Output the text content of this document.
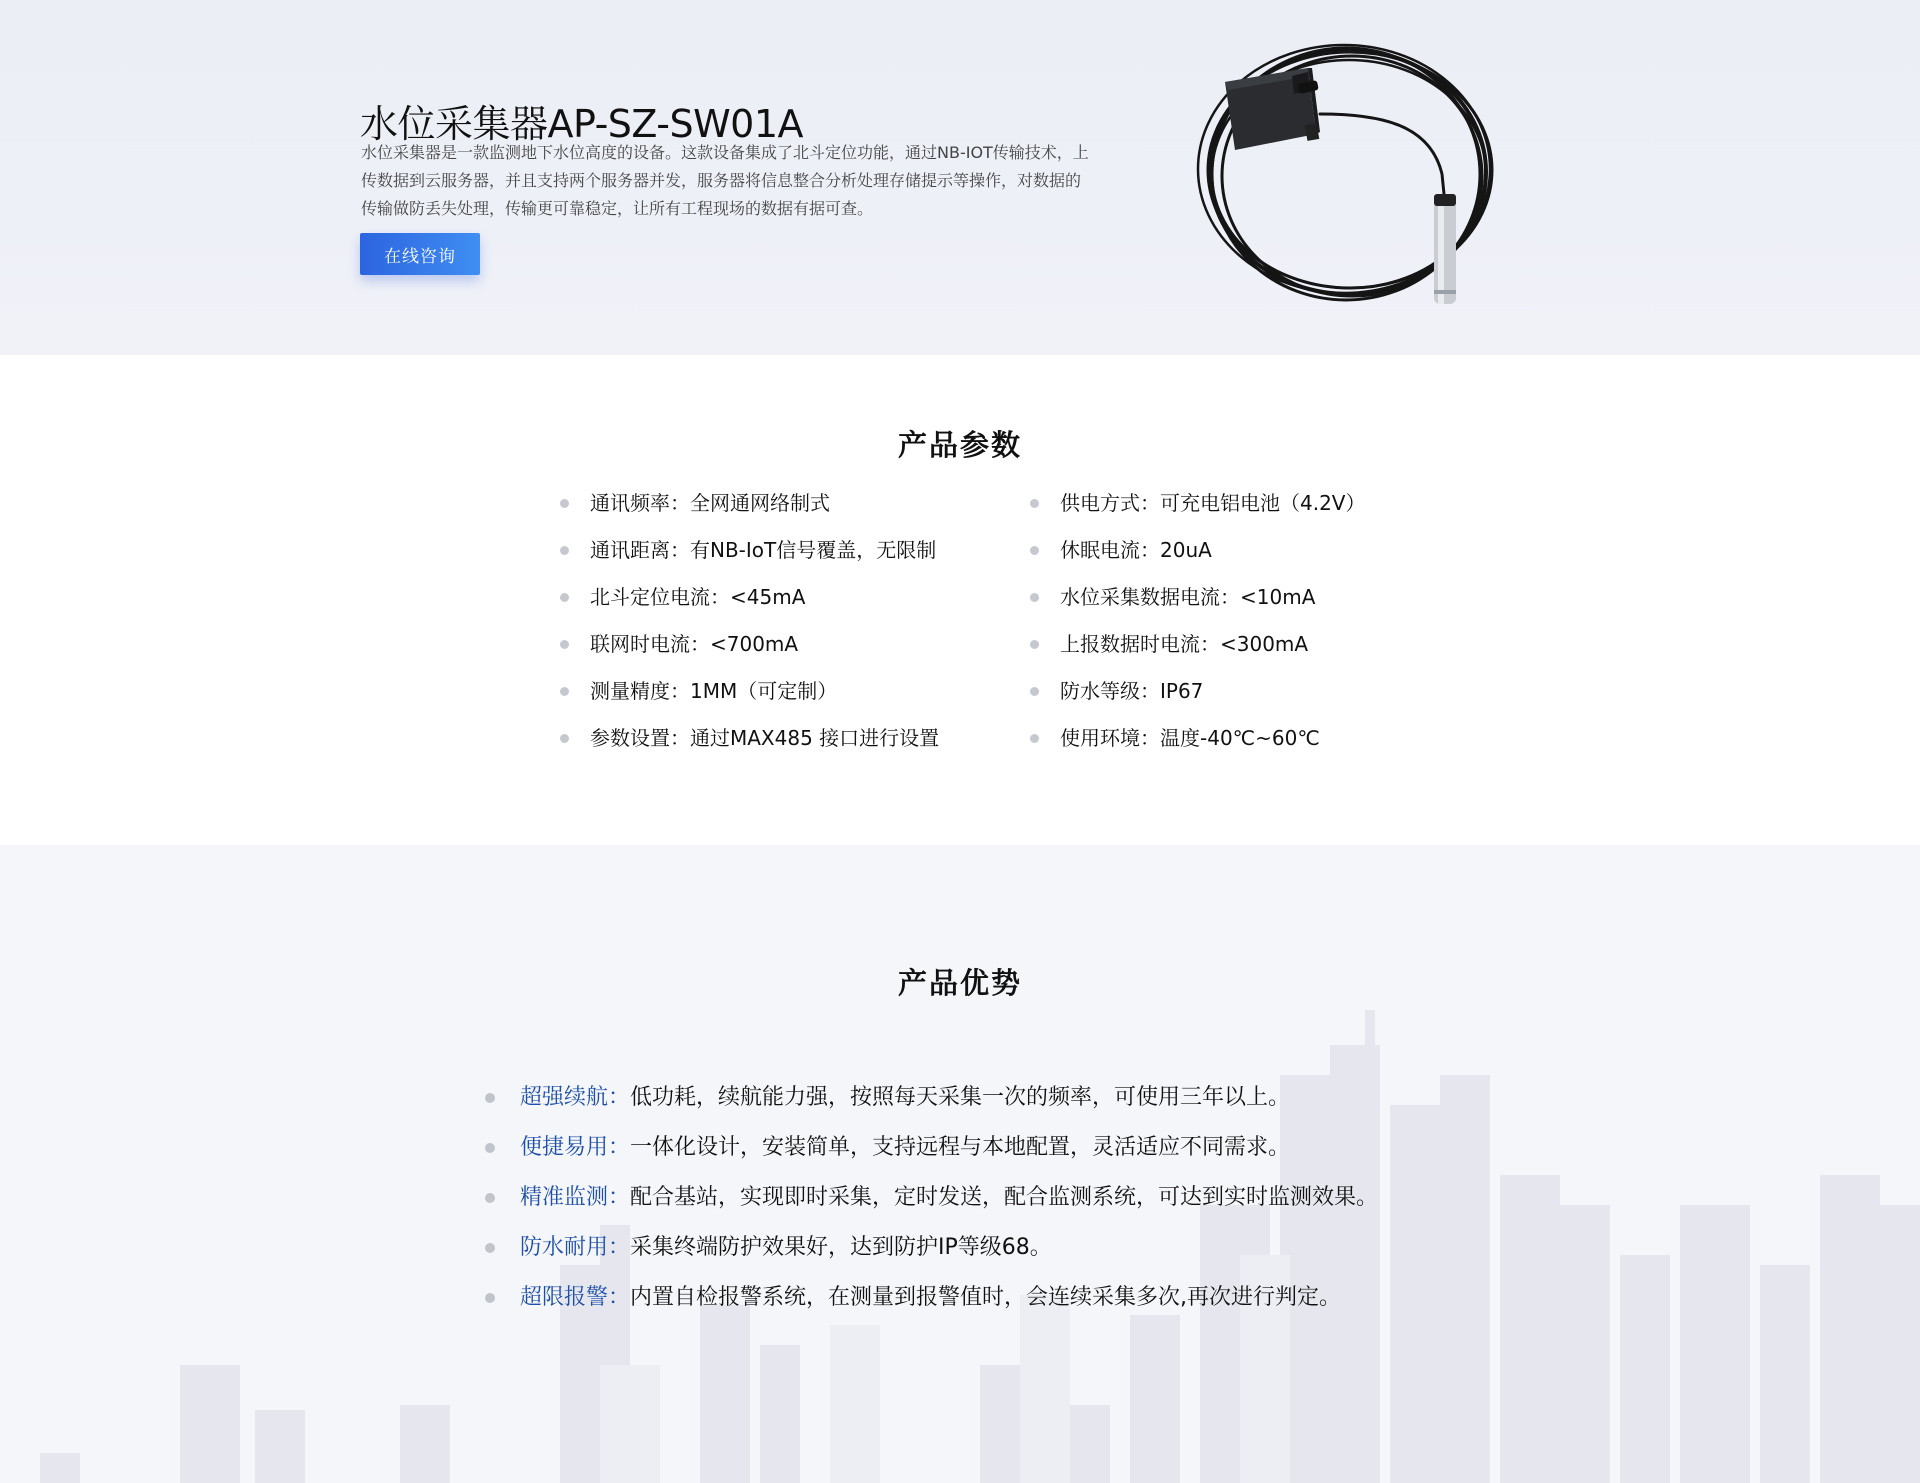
水位采集器AP-SZ-SW01A

水位采集器是一款监测地下水位高度的设备。这款设备集成了北斗定位功能，通过NB-IOT传输技术，上传数据到云服务器，并且支持两个服务器并发，服务器将信息整合分析处理存储提示等操作，对数据的传输做防丢失处理，传输更可靠稳定，让所有工程现场的数据有据可查。

在线咨询
产品参数
通讯频率：全网通网络制式
通讯距离：有NB-IoT信号覆盖，无限制
北斗定位电流：<45mA
联网时电流：<700mA
测量精度：1MM（可定制）
参数设置：通过MAX485 接口进行设置
供电方式：可充电铝电池（4.2V）
休眠电流：20uA
水位采集数据电流：<10mA
上报数据时电流：<300mA
防水等级：IP67
使用环境：温度-40℃~60℃
产品优势
超强续航：低功耗，续航能力强，按照每天采集一次的频率，可使用三年以上。
便捷易用：一体化设计，安装简单，支持远程与本地配置，灵活适应不同需求。
精准监测：配合基站，实现即时采集，定时发送，配合监测系统，可达到实时监测效果。
防水耐用：采集终端防护效果好，达到防护IP等级68。
超限报警：内置自检报警系统，在测量到报警值时，会连续采集多次,再次进行判定。
